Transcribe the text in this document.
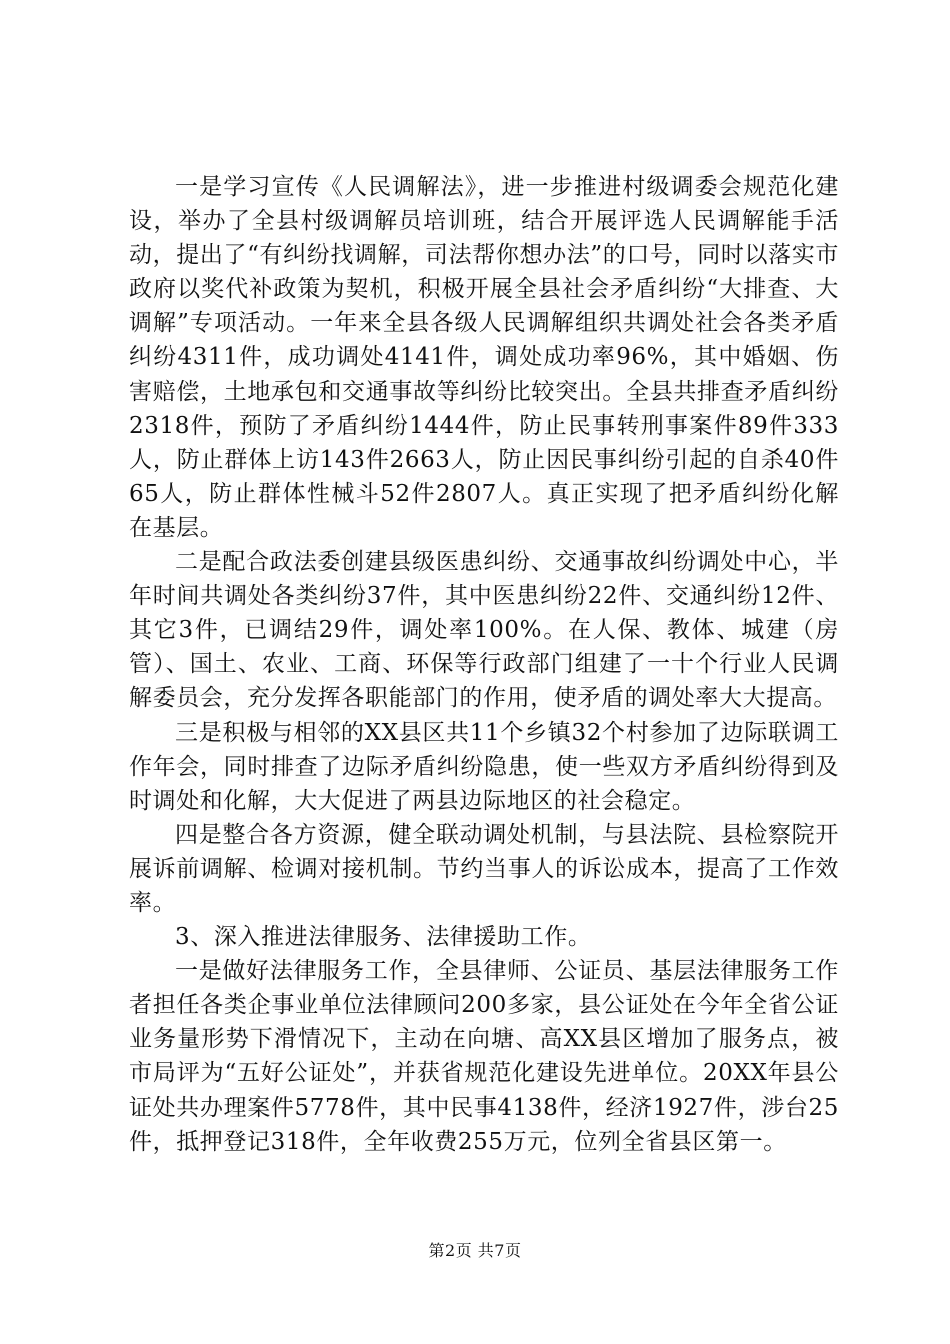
一是学习宣传《人民调解法》，进一步推进村级调委会规范化建设，举办了全县村级调解员培训班，结合开展评选人民调解能手活动，提出了“有纠纷找调解，司法帮你想办法”的口号，同时以落实市政府以奖代补政策为契机，积极开展全县社会矛盾纠纷“大排查、大调解”专项活动。一年来全县各级人民调解组织共调处社会各类矛盾纠纷4311件，成功调处4141件，调处成功率96%，其中婚姻、伤害赔偿，土地承包和交通事故等纠纷比较突出。全县共排查矛盾纠纷2318件，预防了矛盾纠纷1444件，防止民事转刑事案件89件333人，防止群体上访143件2663人，防止因民事纠纷引起的自杀40件65人，防止群体性械斗52件2807人。真正实现了把矛盾纠纷化解在基层。

二是配合政法委创建县级医患纠纷、交通事故纠纷调处中心，半年时间共调处各类纠纷37件，其中医患纠纷22件、交通纠纷12件、其它3件，已调结29件，调处率100%。在人保、教体、城建（房管）、国土、农业、工商、环保等行政部门组建了一十个行业人民调解委员会，充分发挥各职能部门的作用，使矛盾的调处率大大提高。

三是积极与相邻的XX县区共11个乡镇32个村参加了边际联调工作年会，同时排查了边际矛盾纠纷隐患，使一些双方矛盾纠纷得到及时调处和化解，大大促进了两县边际地区的社会稳定。

四是整合各方资源，健全联动调处机制，与县法院、县检察院开展诉前调解、检调对接机制。节约当事人的诉讼成本，提高了工作效率。

3、深入推进法律服务、法律援助工作。

一是做好法律服务工作，全县律师、公证员、基层法律服务工作者担任各类企事业单位法律顾问200多家，县公证处在今年全省公证业务量形势下滑情况下，主动在向塘、高XX县区增加了服务点，被市局评为“五好公证处”，并获省规范化建设先进单位。20XX年县公证处共办理案件5778件，其中民事4138件，经济1927件，涉台25件，抵押登记318件，全年收费255万元，位列全省县区第一。

第2页 共7页
